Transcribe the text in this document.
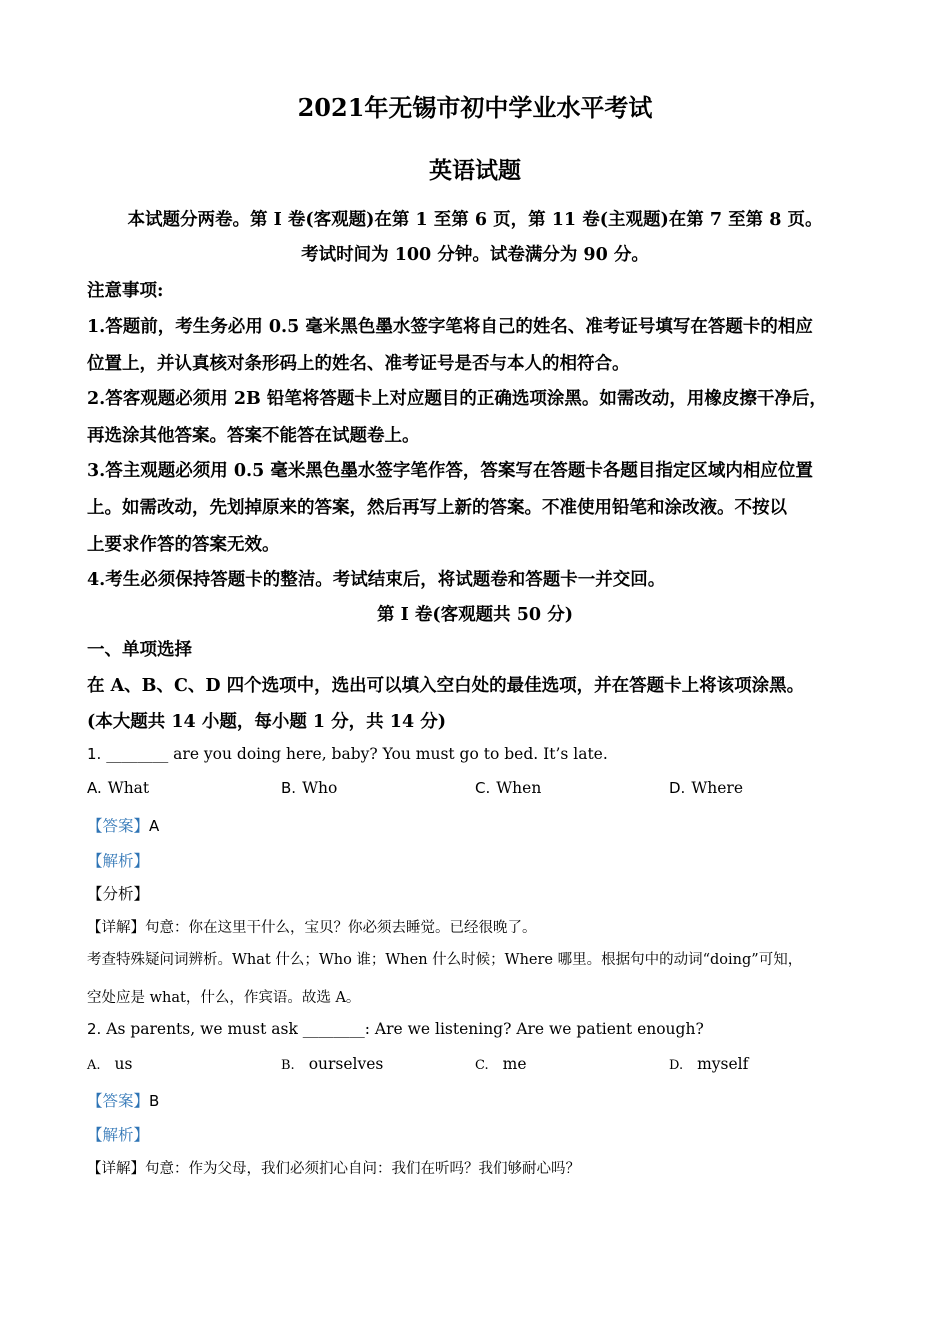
2021年无锡市初中学业水平考试
英语试题
本试题分两卷。第 I 卷(客观题)在第 1 至第 6 页，第 11 卷(主观题)在第 7 至第 8 页。
考试时间为 100 分钟。试卷满分为 90 分。
注意事项:
1.答题前，考生务必用 0.5 毫米黑色墨水签字笔将自己的姓名、准考证号填写在答题卡的相应
位置上，并认真核对条形码上的姓名、准考证号是否与本人的相符合。
2.答客观题必须用 2B 铅笔将答题卡上对应题目的正确选项涂黑。如需改动，用橡皮擦干净后，
再选涂其他答案。答案不能答在试题卷上。
3.答主观题必须用 0.5 毫米黑色墨水签字笔作答，答案写在答题卡各题目指定区域内相应位置
上。如需改动，先划掉原来的答案，然后再写上新的答案。不准使用铅笔和涂改液。不按以
上要求作答的答案无效。
4.考生必须保持答题卡的整洁。考试结束后，将试题卷和答题卡一并交回。
第 I 卷(客观题共 50 分)
一、单项选择
在 A、B、C、D 四个选项中，选出可以填入空白处的最佳选项，并在答题卡上将该项涂黑。
(本大题共 14 小题，每小题 1 分，共 14 分)
1. ________ are you doing here, baby? You must go to bed. It’s late.
A. What	B. Who	C. When	D. Where
【答案】A
【解析】
【分析】
【详解】句意：你在这里干什么，宝贝？你必须去睡觉。已经很晚了。
考查特殊疑问词辨析。What 什么；Who 谁；When 什么时候；Where 哪里。根据句中的动词“doing”可知，
空处应是 what，什么，作宾语。故选 A。
2. As parents, we must ask ________: Are we listening? Are we patient enough?
A. us	B. ourselves	C. me	D. myself
【答案】B
【解析】
【详解】句意：作为父母，我们必须扪心自问：我们在听吗？我们够耐心吗？
